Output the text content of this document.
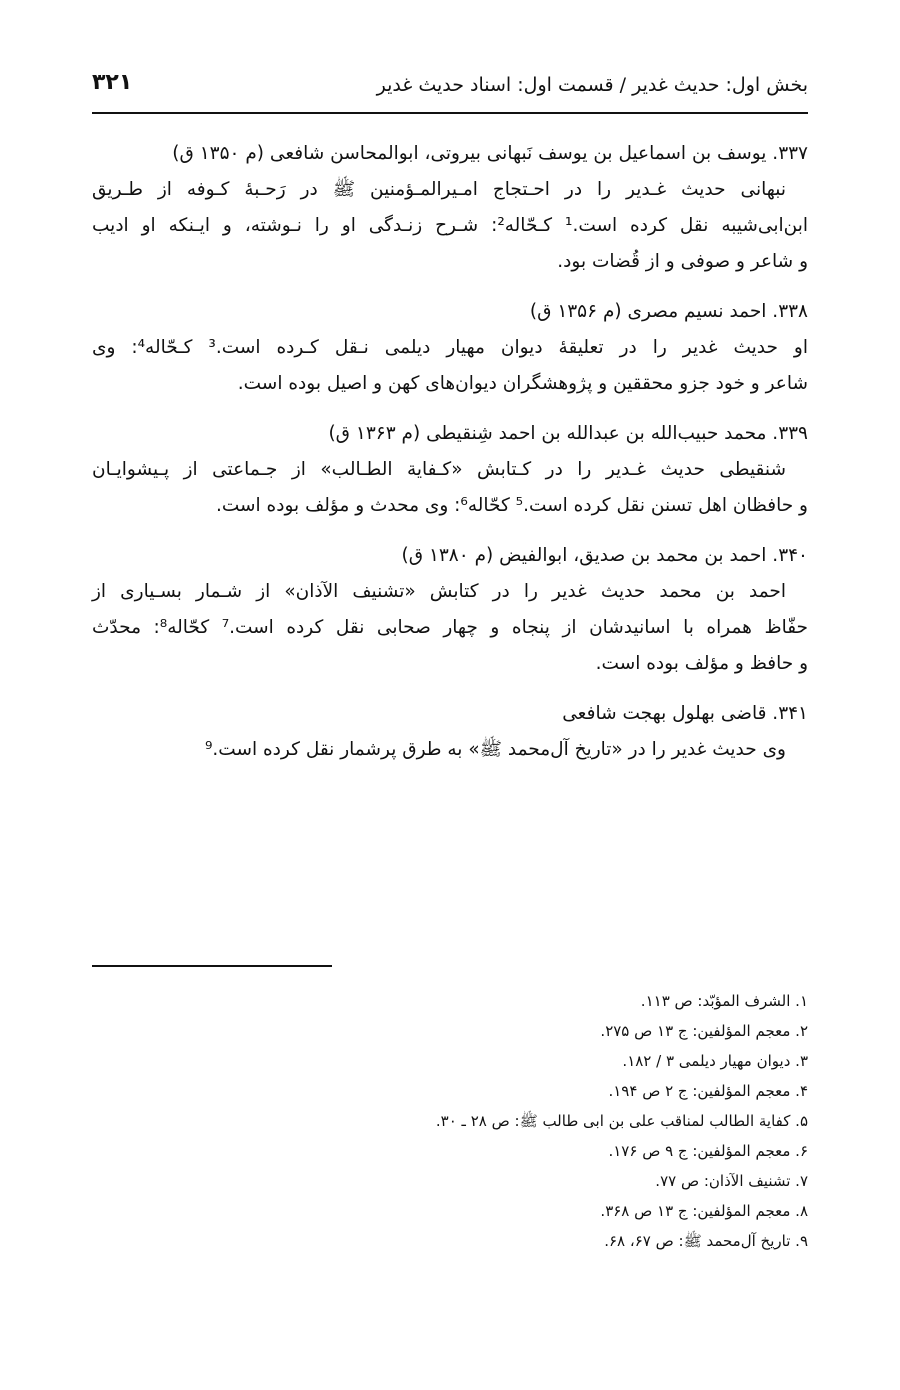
بخش اول: حدیث غدیر / قسمت اول: اسناد حدیث غدیر
۳۲۱
۳۳۷. یوسف بن اسماعیل بن یوسف نَبهانی بیروتی، ابوالمحاسن شافعی (م ۱۳۵۰ ق)
نبهانی حدیث غـدیر را در احـتجاج امـیرالمـؤمنین ﷺ در رَحـبهٔ کـوفه از طـریق
ابن‌ابی‌شیبه نقل کرده است.¹ کـحّاله²: شـرح زنـدگی او را نـوشته، و ایـنکه او ادیب
و شاعر و صوفی و از قُضات بود.
۳۳۸. احمد نسیم مصری (م ۱۳۵۶ ق)
او حدیث غدیر را در تعلیقهٔ دیوان مهیار دیلمی نـقل کـرده است.³ کـحّاله⁴: وی
شاعر و خود جزو محققین و پژوهشگران دیوان‌های کهن و اصیل بوده است.
۳۳۹. محمد حبیب‌الله بن عبدالله بن احمد شِنقیطی (م ۱۳۶۳ ق)
شنقیطی حدیث غـدیر را در کـتابش «کـفایة الطـالب» از جـماعتی از پـیشوایـان
و حافظان اهل تسنن نقل کرده است.⁵ کحّاله⁶: وی محدث و مؤلف بوده است.
۳۴۰. احمد بن محمد بن صدیق، ابوالفیض (م ۱۳۸۰ ق)
احمد بن محمد حدیث غدیر را در کتابش «تشنیف الآذان» از شـمار بسـیاری از
حفّاظ همراه با اسانیدشان از پنجاه و چهار صحابی نقل کرده است.⁷ کحّاله⁸: محدّث
و حافظ و مؤلف بوده است.
۳۴۱. قاضی بهلول بهجت شافعی
وی حدیث غدیر را در «تاریخ آل‌محمد ﷺ» به طرق پرشمار نقل کرده است.⁹
۱. الشرف المؤبّد: ص ۱۱۳.
۲. معجم المؤلفین: ج ۱۳ ص ۲۷۵.
۳. دیوان مهیار دیلمی ۳ / ۱۸۲.
۴. معجم المؤلفین: ج ۲ ص ۱۹۴.
۵. کفایة الطالب لمناقب علی بن ابی طالب ﷺ: ص ۲۸ ـ ۳۰.
۶. معجم المؤلفین: ج ۹ ص ۱۷۶.
۷. تشنیف الآذان: ص ۷۷.
۸. معجم المؤلفین: ج ۱۳ ص ۳۶۸.
۹. تاریخ آل‌محمد ﷺ: ص ۶۷، ۶۸.
